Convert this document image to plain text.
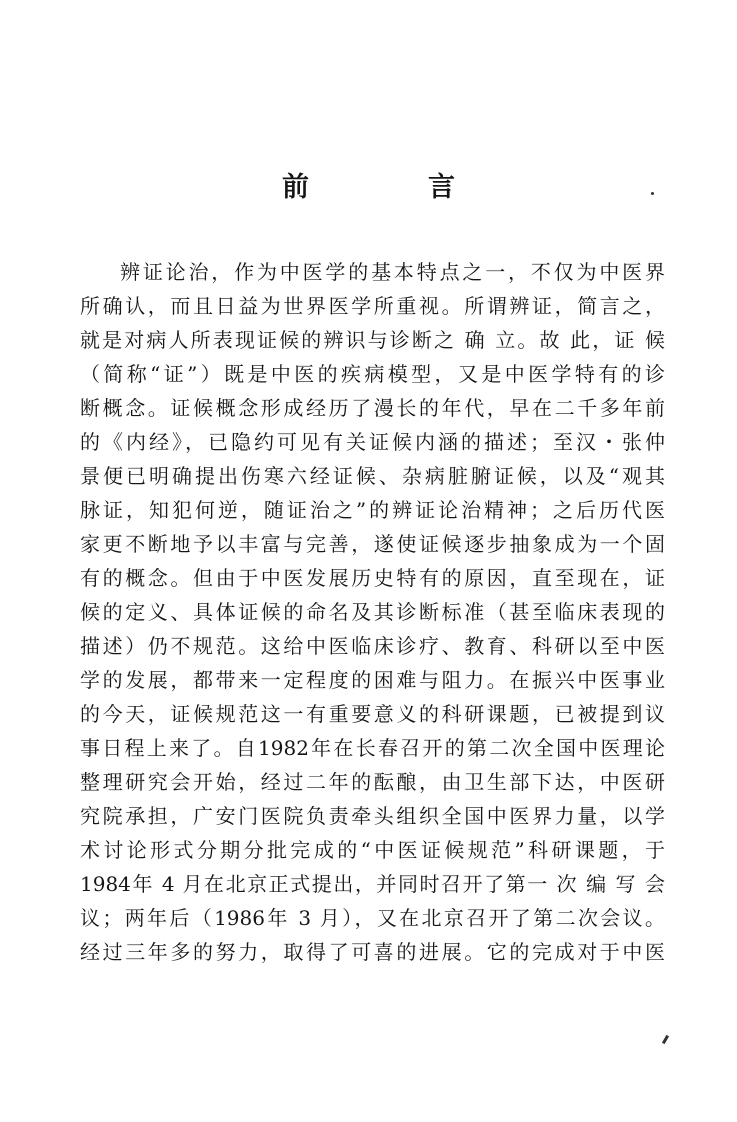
前　言
辨证论治，作为中医学的基本特点之一，不仅为中医界
所确认，而且日益为世界医学所重视。所谓辨证，简言之，
就是对病人所表现证候的辨识与诊断之 确 立。故 此，证 候
（简称“证”）既是中医的疾病模型，又是中医学特有的诊
断概念。证候概念形成经历了漫长的年代，早在二千多年前
的《内经》，已隐约可见有关证候内涵的描述；至汉・张仲
景便已明确提出伤寒六经证候、杂病脏腑证候，以及“观其
脉证，知犯何逆，随证治之”的辨证论治精神；之后历代医
家更不断地予以丰富与完善，遂使证候逐步抽象成为一个固
有的概念。但由于中医发展历史特有的原因，直至现在，证
候的定义、具体证候的命名及其诊断标准（甚至临床表现的
描述）仍不规范。这给中医临床诊疗、教育、科研以至中医
学的发展，都带来一定程度的困难与阻力。在振兴中医事业
的今天，证候规范这一有重要意义的科研课题，已被提到议
事日程上来了。自1982年在长春召开的第二次全国中医理论
整理研究会开始，经过二年的酝酿，由卫生部下达，中医研
究院承担，广安门医院负责牵头组织全国中医界力量，以学
术讨论形式分期分批完成的“中医证候规范”科研课题，于
1984年 4 月在北京正式提出，并同时召开了第一 次 编 写 会
议；两年后（1986年 3 月），又在北京召开了第二次会议。
经过三年多的努力，取得了可喜的进展。它的完成对于中医
